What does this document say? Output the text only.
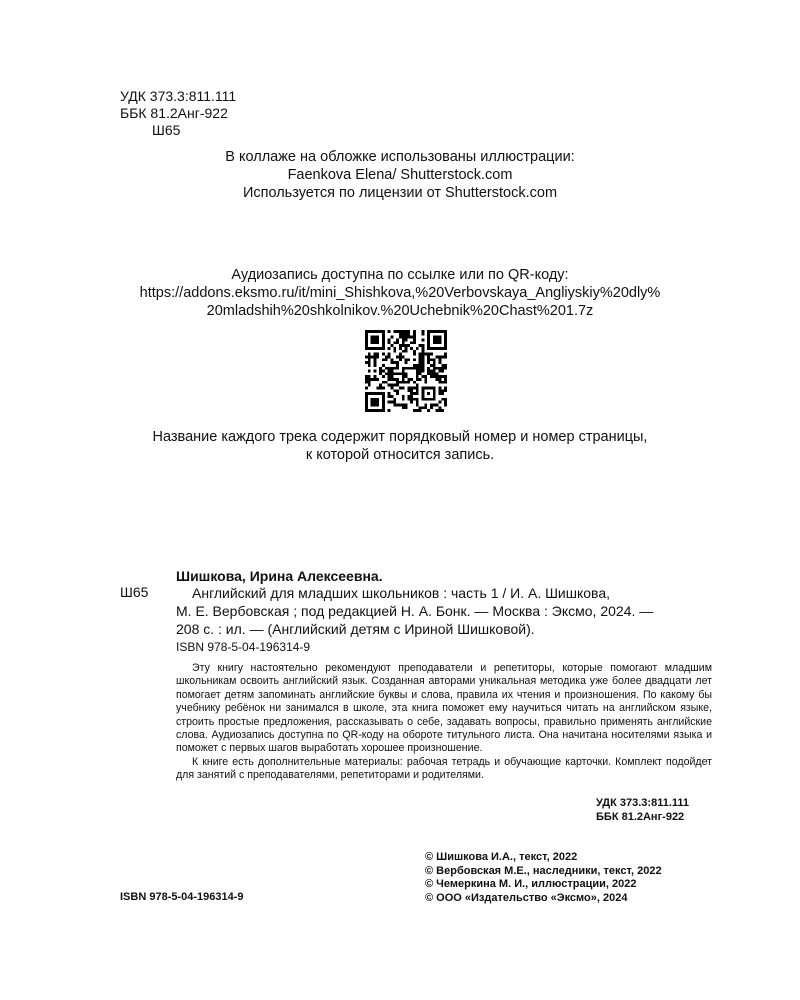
УДК 373.3:811.111
ББК 81.2Анг-922
Ш65
В коллаже на обложке использованы иллюстрации:
Faenkova Elena/ Shutterstock.com
Используется по лицензии от Shutterstock.com
Аудиозапись доступна по ссылке или по QR-коду:
https://addons.eksmo.ru/it/mini_Shishkova,%20Verbovskaya_Angliyskiy%20dly%
20mladshih%20shkolnikov.%20Uchebnik%20Chast%201.7z
Название каждого трека содержит порядковый номер и номер страницы,
к которой относится запись.
Шишкова, Ирина Алексеевна.
Ш65	Английский для младших школьников : часть 1 / И. А. Шишкова,
М. Е. Вербовская ; под редакцией Н. А. Бонк. — Москва : Эксмо, 2024. —
208 с. : ил. — (Английский детям с Ириной Шишковой).
ISBN 978-5-04-196314-9

Эту книгу настоятельно рекомендуют преподаватели и репетиторы, которые помогают младшим школьникам освоить английский язык. Созданная авторами уникальная методика уже более двадцати лет помогает детям запоминать английские буквы и слова, правила их чтения и произношения. По какому бы учебнику ребёнок ни занимался в школе, эта книга поможет ему научиться читать на английском языке, строить простые предложения, рассказывать о себе, задавать вопросы, правильно применять английские слова. Аудиозапись доступна по QR-коду на обороте титульного листа. Она начитана носителями языка и поможет с первых шагов выработать хорошее произношение.

К книге есть дополнительные материалы: рабочая тетрадь и обучающие карточки. Комплект подойдет для занятий с преподавателями, репетиторами и родителями.

УДК 373.3:811.111
ББК 81.2Анг-922
© Шишкова И.А., текст, 2022
© Вербовская М.Е., наследники, текст, 2022
© Чемеркина М. И., иллюстрации, 2022
© ООО «Издательство «Эксмо», 2024
ISBN 978-5-04-196314-9
